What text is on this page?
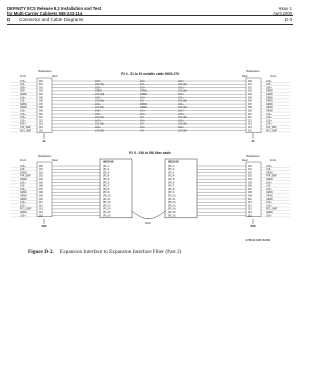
DEFINITY ECS Release 8.2 Installation and Test
for Multi-Carrier Cabinets 555-233-114
Issue 1
April 2000
D Connector and Cable Diagrams	D-3
P2 4 - 51 to 51 metallic cable H600-278
Backplane	Backplane
Front	Rear	Rear	Front
LXS+	000	LXC+	LXI+	LXC+	000	LXS+
LXS-	001	LXC-(M)	LXI-	LXC-(M)	001	LXS-
LRS+	002	LXC+	LXI+	LXC+	002	LRS+
LRS-	003	GRND	GRND	LXC-(M)	003	GRND
GRND	004	LXC+(M)	GRND	LXC+	004	GRND
LXS+	005	LXC+	LXI+	LXC+	005	GRND
LXS-	006	LXC-(M)	LXI-	LXC-(M)	006	GRND
GRND	007	LXC+	GRND	LXC+	007	GRND
GRND	008	LXC-(M)	GRND	LXC-(M)	008	GRND
LXS+	009	LXC+	LXI+	LXC+	009	GRND
LXS+	010	LXC+	LXI+	LXC+	010	LXS+
LXS+	011	LXC-(M)	LXI-	LXC-(M)	011	LXS+
LXS+	012	LXC+	LXI+	LXC+	012	LXS+
LRS+	013	LXC-(M)	LXI-	LXC-(M)	013	LXS+
TAP_SMP	014	LXC+	LXI+	LXC+	014	TAP_SMP
RCV_SMP	015	LXC-(M)	LXI-	LXC-(M)	015	RCV_SMP
EI	EI
P2 5 - SNI to SNI fiber cable
Backplane	Backplane
Front	Rear	Rear	Front
9823A/B	9823A/B
LXS+	000	(P1) 1	(P1) 1	000	LXS+
LXS-	001	(P1) 2	(P1) 2	001	LXS-
GRND	002	(P1) 3	(P1) 3	002	GRND
TAP_SMP	003	(P1) 4	(P1) 4	003	TAP_SMP
GRND	004	(P1) 5	(P1) 5	004	GRND
LXS+	005	(P1) 6	(P1) 6	005	LXS+
LXS-	006	(P1) 7	(P1) 7	006	LXS-
LXS+	007	(P1) 8	(P1) 8	007	LXS+
GRND	008	(P1) 9	(P1) 9	008	GRND
GRND	009	(P1) 10	(P1) 10	009	GRND
GRND	010	(P1) 11	(P1) 11	010	GRND
LXS+	011	(P1) 12	(P1) 12	011	LXS+
LXS+	012	(P1) 13	(P1) 13	012	LXS+
RCV_SMP	013	(P1) 14	(P1) 14	013	RCV_SMP
GRND	014	(P1) 15	(P1) 15	014	GRND
LXS+	015	(P1) 16	(P1) 16	015	LXS+
Fiber
SNI	SNI
r4756b10 KMR 061099
Figure D-2. Expansion Interface to Expansion Interface Fiber (Part 2)
